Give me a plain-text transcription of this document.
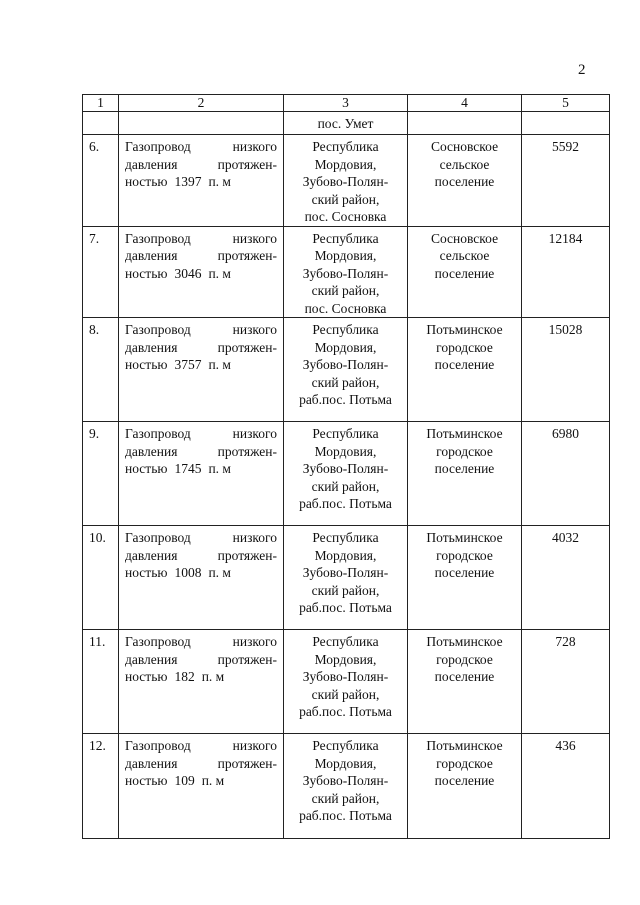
2
1	2	3	4	5
		пос. Умет		
6.	Газопровод низкого
давления протяжен-
ностью 1397 п. м	Республика
Мордовия,
Зубово-Полян-
ский район,
пос. Сосновка	Сосновское
сельское
поселение	5592
7.	Газопровод низкого
давления протяжен-
ностью 3046 п. м	Республика
Мордовия,
Зубово-Полян-
ский район,
пос. Сосновка	Сосновское
сельское
поселение	12184
8.	Газопровод низкого
давления протяжен-
ностью 3757 п. м	Республика
Мордовия,
Зубово-Полян-
ский район,
раб.пос. Потьма	Потьминское
городское
поселение	15028
9.	Газопровод низкого
давления протяжен-
ностью 1745 п. м	Республика
Мордовия,
Зубово-Полян-
ский район,
раб.пос. Потьма	Потьминское
городское
поселение	6980
10.	Газопровод низкого
давления протяжен-
ностью 1008 п. м	Республика
Мордовия,
Зубово-Полян-
ский район,
раб.пос. Потьма	Потьминское
городское
поселение	4032
11.	Газопровод низкого
давления протяжен-
ностью 182 п. м	Республика
Мордовия,
Зубово-Полян-
ский район,
раб.пос. Потьма	Потьминское
городское
поселение	728
12.	Газопровод низкого
давления протяжен-
ностью 109 п. м	Республика
Мордовия,
Зубово-Полян-
ский район,
раб.пос. Потьма	Потьминское
городское
поселение	436
